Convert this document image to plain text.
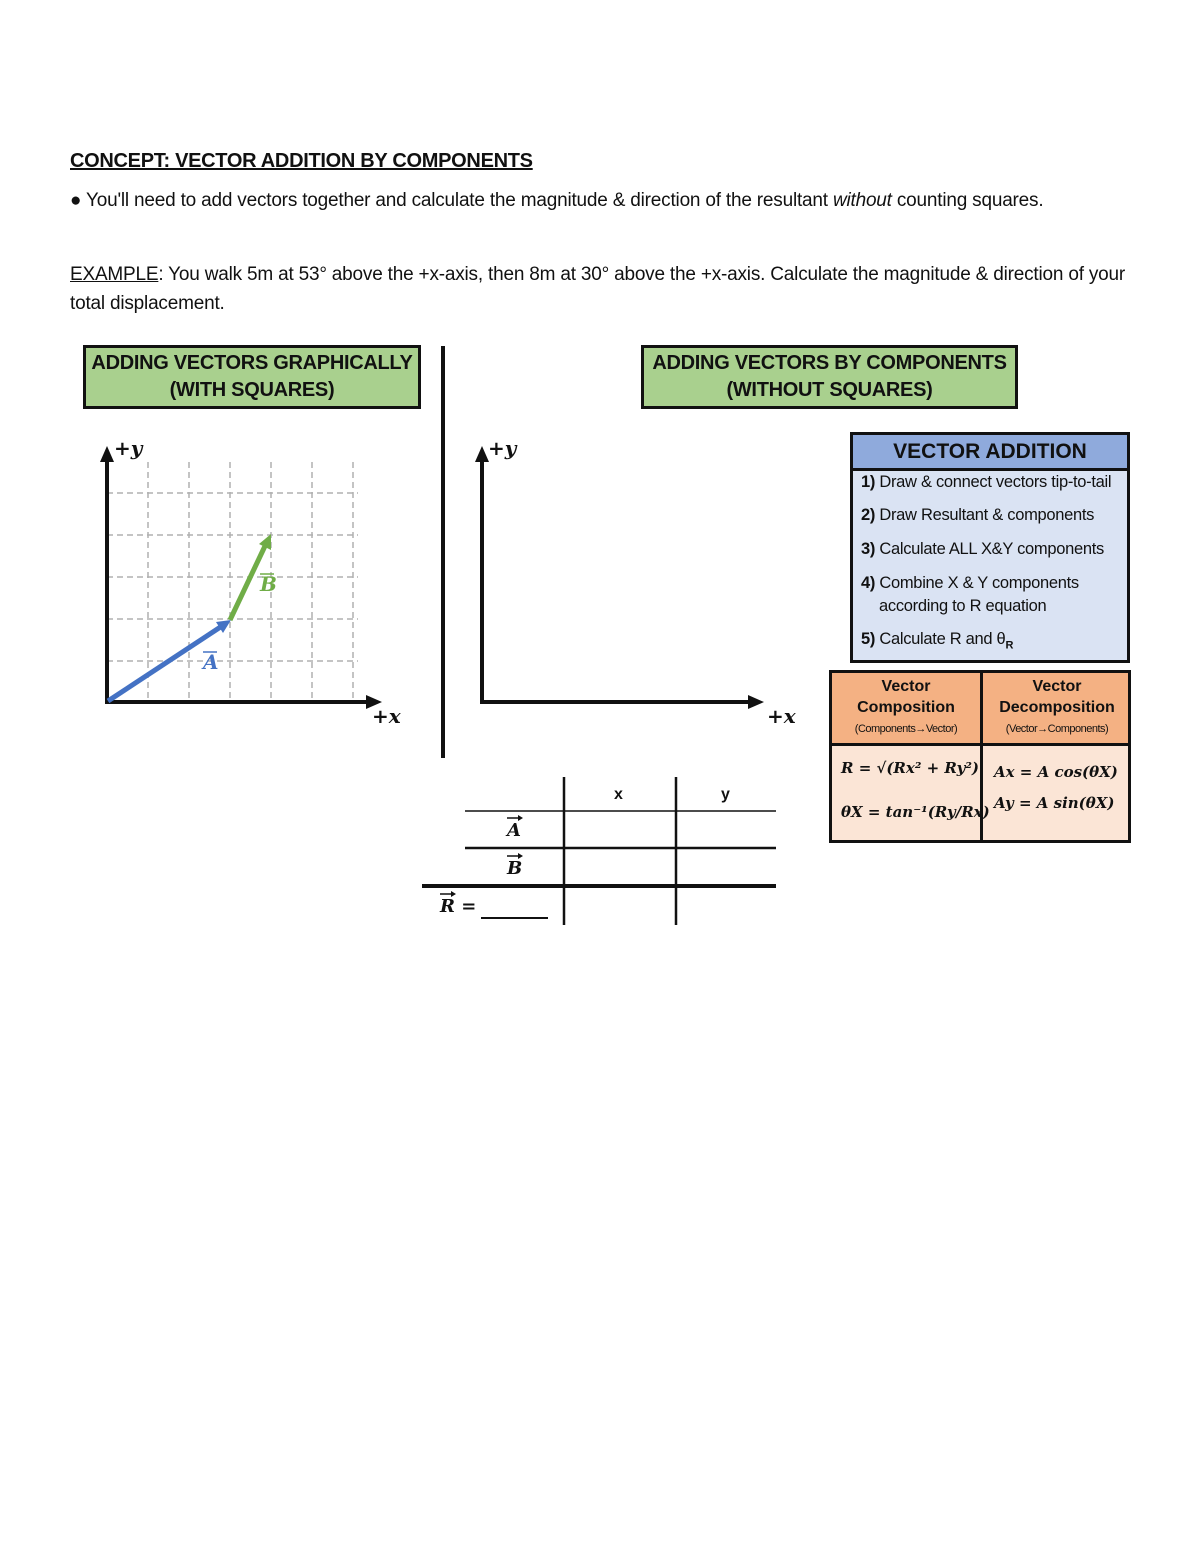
CONCEPT: VECTOR ADDITION BY COMPONENTS
● You'll need to add vectors together and calculate the magnitude & direction of the resultant without counting squares.
EXAMPLE: You walk 5m at 53° above the +x-axis, then 8m at 30° above the +x-axis. Calculate the magnitude & direction of your total displacement.
ADDING VECTORS GRAPHICALLY
(WITH SQUARES)
ADDING VECTORS BY COMPONENTS
(WITHOUT SQUARES)
+y
+x
A
B
+y
+x
VECTOR ADDITION
1) Draw & connect vectors tip-to-tail
2) Draw Resultant & components
3) Calculate ALL X&Y components
4) Combine X & Y components
according to R equation
5) Calculate R and $\theta_R$
Vector
Composition
(Components→Vector)
Vector
Decomposition
(Vector→Components)
R = √(Rx² + Ry²)
θX = tan⁻¹(Ry/Rx)
Ax = A cos(θX)
Ay = A sin(θX)
x	y
A
B
R =
